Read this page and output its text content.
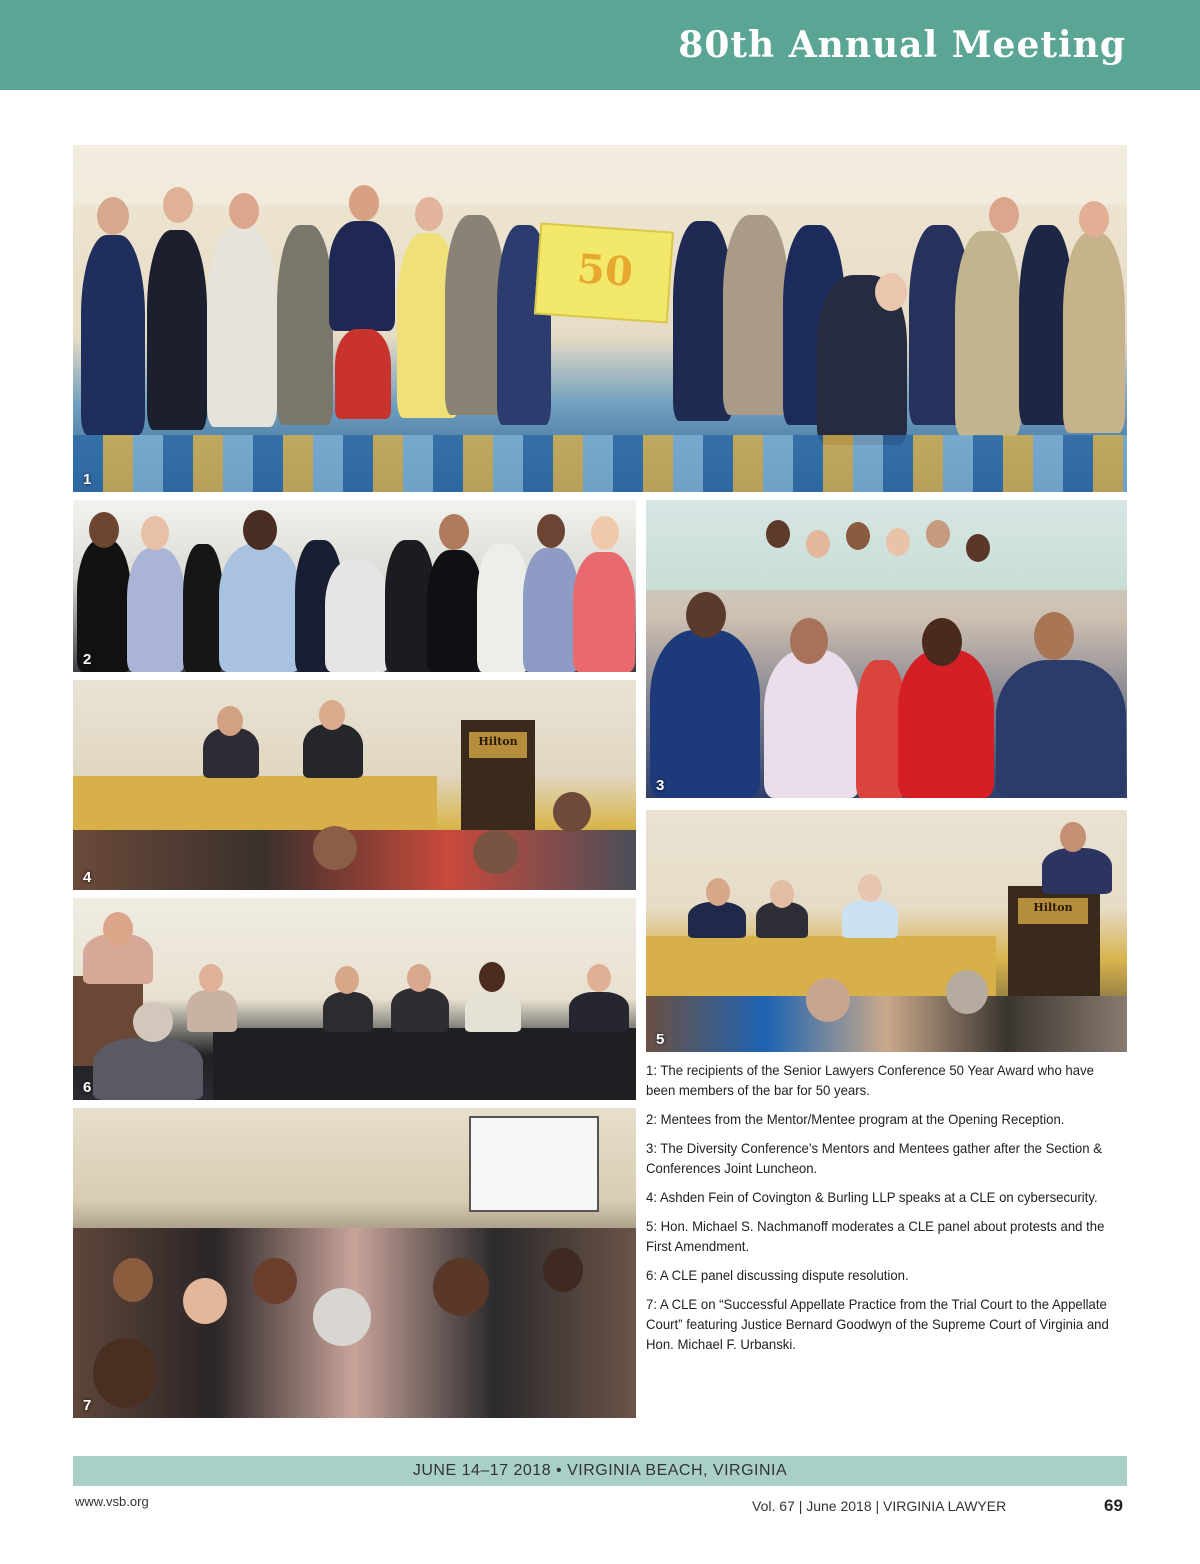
80th Annual Meeting
50
1
2
3
Hilton
4
Hilton
5
6
7

1: The recipients of the Senior Lawyers Conference 50 Year Award who have been members of the bar for 50 years.

2: Mentees from the Mentor/Mentee program at the Opening Reception.

3: The Diversity Conference’s Mentors and Mentees gather after the Section & Conferences Joint Luncheon.

4: Ashden Fein of Covington & Burling LLP speaks at a CLE on cybersecurity.

5: Hon. Michael S. Nachmanoff moderates a CLE panel about protests and the First Amendment.

6: A CLE panel discussing dispute resolution.

7: A CLE on “Successful Appellate Practice from the Trial Court to the Appellate Court” featuring Justice Bernard Goodwyn of the Supreme Court of Virginia and Hon. Michael F. Urbanski.

JUNE 14–17 2018 • VIRGINIA BEACH, VIRGINIA
www.vsb.org	Vol. 67 | June 2018 | VIRGINIA LAWYER	69
